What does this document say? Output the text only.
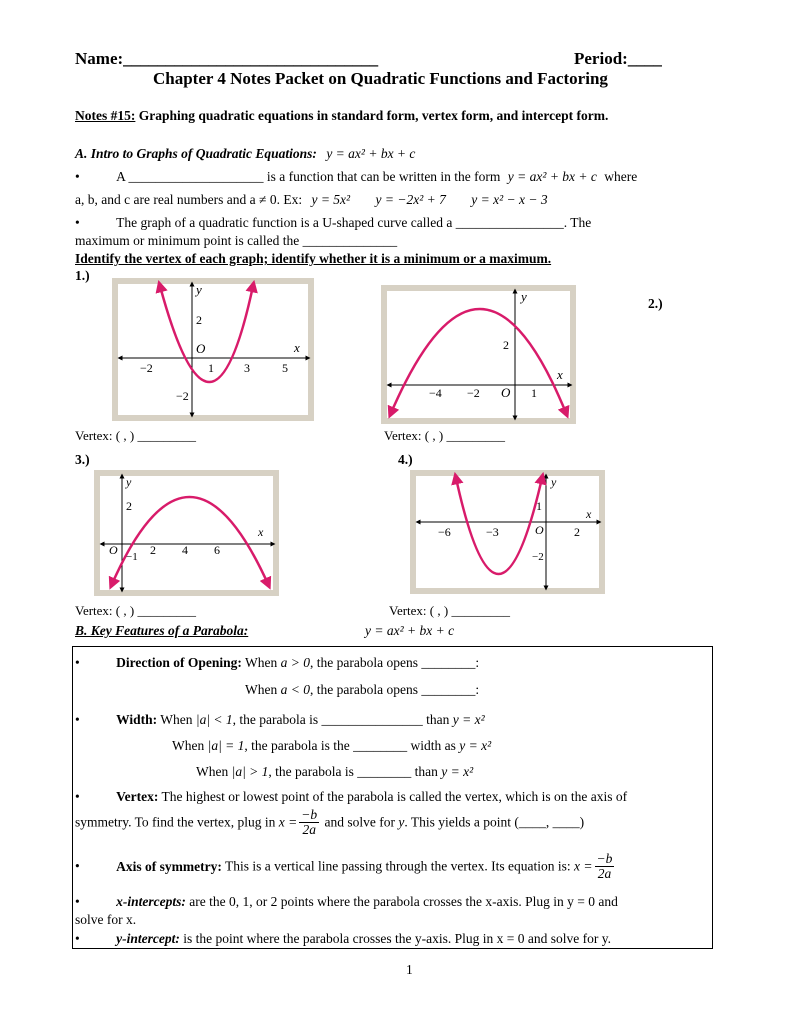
Name:______________________________	Period:____
Chapter 4 Notes Packet on Quadratic Functions and Factoring
Notes #15: Graphing quadratic equations in standard form, vertex form, and intercept form.
A. Intro to Graphs of Quadratic Equations: y = ax² + bx + c
•	A ____________________ is a function that can be written in the form y = ax² + bx + c where
a, b, and c are real numbers and a ≠ 0. Ex: y = 5x² y = −2x² + 7 y = x² − x − 3
•	The graph of a quadratic function is a U-shaped curve called a ________________. The
maximum or minimum point is called the ______________
Identify the vertex of each graph; identify whether it is a minimum or a maximum.
1.)
y
x
O
2
−2
−2	1	3	5
Vertex: ( , ) _________
2.)
y
x
O
2
−4 −2	1
Vertex: ( , ) _________
3.)
y
x
O
2
2 4 6
−1
Vertex: ( , ) _________
4.)
y
x
O
1
−6	−3	2
−2
Vertex: ( , ) _________
B. Key Features of a Parabola:	y = ax² + bx + c
•	Direction of Opening: When a > 0, the parabola opens ________:
When a < 0, the parabola opens ________:
•	Width: When |a| < 1, the parabola is _______________ than y = x²
When |a| = 1, the parabola is the ________ width as y = x²
When |a| > 1, the parabola is ________ than y = x²
•	Vertex: The highest or lowest point of the parabola is called the vertex, which is on the axis of
symmetry. To find the vertex, plug in $x = \frac{-b}{2a}$ and solve for y. This yields a point (____, ____)
•	Axis of symmetry: This is a vertical line passing through the vertex. Its equation is: $x = \frac{-b}{2a}$
•	x-intercepts: are the 0, 1, or 2 points where the parabola crosses the x-axis. Plug in y = 0 and
solve for x.
•	y-intercept: is the point where the parabola crosses the y-axis. Plug in x = 0 and solve for y.
1
